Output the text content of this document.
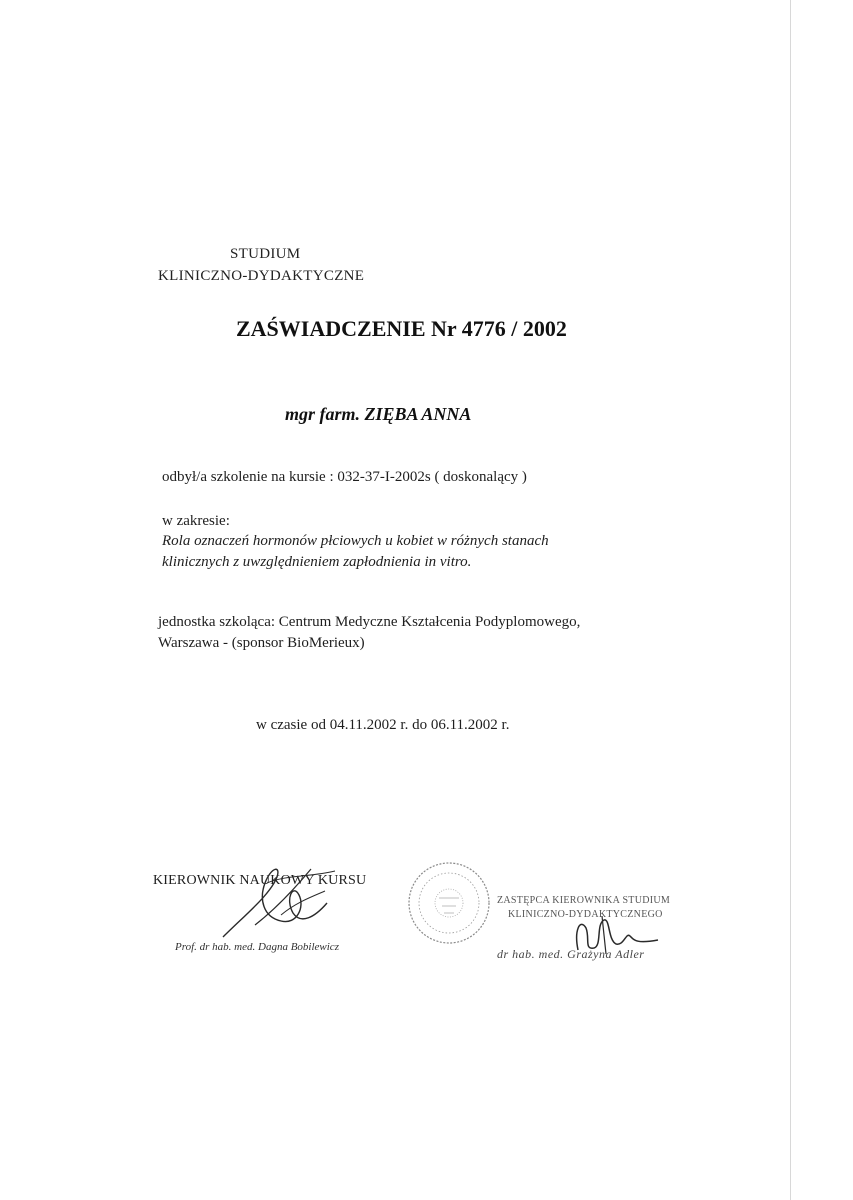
STUDIUM
KLINICZNO-DYDAKTYCZNE
ZAŚWIADCZENIE Nr 4776 / 2002
mgr farm. ZIĘBA ANNA
odbył/a szkolenie na kursie : 032-37-I-2002s ( doskonalący )
w zakresie:
Rola oznaczeń hormonów płciowych u kobiet w różnych stanach
klinicznych z uwzględnieniem zapłodnienia in vitro.
jednostka szkoląca: Centrum Medyczne Kształcenia Podyplomowego,
Warszawa - (sponsor BioMerieux)
w czasie od 04.11.2002 r. do 06.11.2002 r.
KIEROWNIK NAUKOWY KURSU
Prof. dr hab. med. Dagna Bobilewicz
ZASTĘPCA KIEROWNIKA STUDIUM
KLINICZNO-DYDAKTYCZNEGO
dr hab. med. Grażyna Adler
